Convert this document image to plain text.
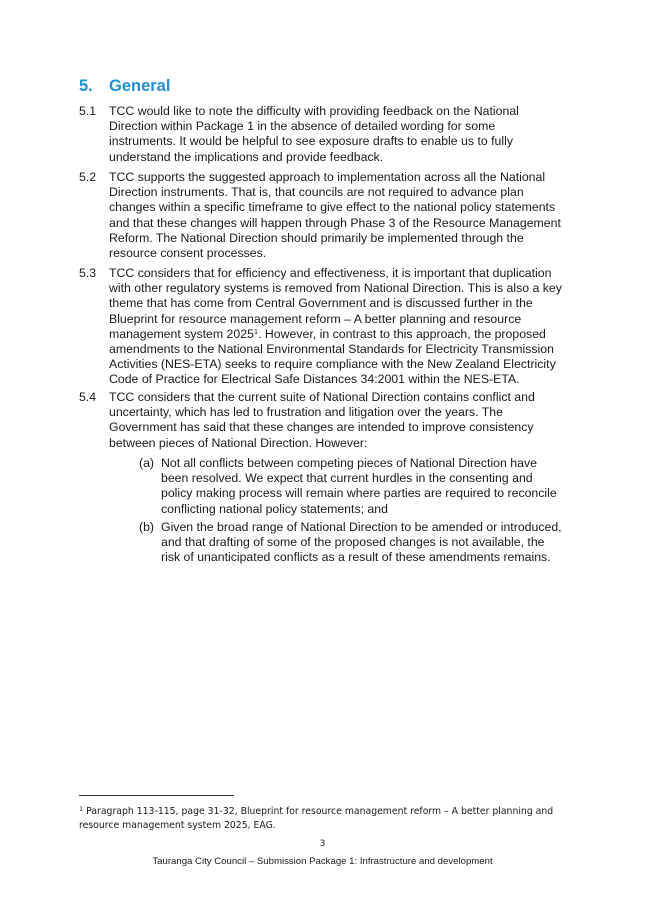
5. General
5.1	TCC would like to note the difficulty with providing feedback on the National Direction within Package 1 in the absence of detailed wording for some instruments. It would be helpful to see exposure drafts to enable us to fully understand the implications and provide feedback.
5.2	TCC supports the suggested approach to implementation across all the National Direction instruments. That is, that councils are not required to advance plan changes within a specific timeframe to give effect to the national policy statements and that these changes will happen through Phase 3 of the Resource Management Reform. The National Direction should primarily be implemented through the resource consent processes.
5.3	TCC considers that for efficiency and effectiveness, it is important that duplication with other regulatory systems is removed from National Direction. This is also a key theme that has come from Central Government and is discussed further in the Blueprint for resource management reform – A better planning and resource management system 2025$^1$. However, in contrast to this approach, the proposed amendments to the National Environmental Standards for Electricity Transmission Activities (NES-ETA) seeks to require compliance with the New Zealand Electricity Code of Practice for Electrical Safe Distances 34:2001 within the NES-ETA.
5.4	TCC considers that the current suite of National Direction contains conflict and uncertainty, which has led to frustration and litigation over the years. The Government has said that these changes are intended to improve consistency between pieces of National Direction. However:
(a) Not all conflicts between competing pieces of National Direction have been resolved. We expect that current hurdles in the consenting and policy making process will remain where parties are required to reconcile conflicting national policy statements; and
(b) Given the broad range of National Direction to be amended or introduced, and that drafting of some of the proposed changes is not available, the risk of unanticipated conflicts as a result of these amendments remains.
$^1$ Paragraph 113-115, page 31-32, Blueprint for resource management reform – A better planning and resource management system 2025, EAG.
3
Tauranga City Council – Submission Package 1: Infrastructure and development
